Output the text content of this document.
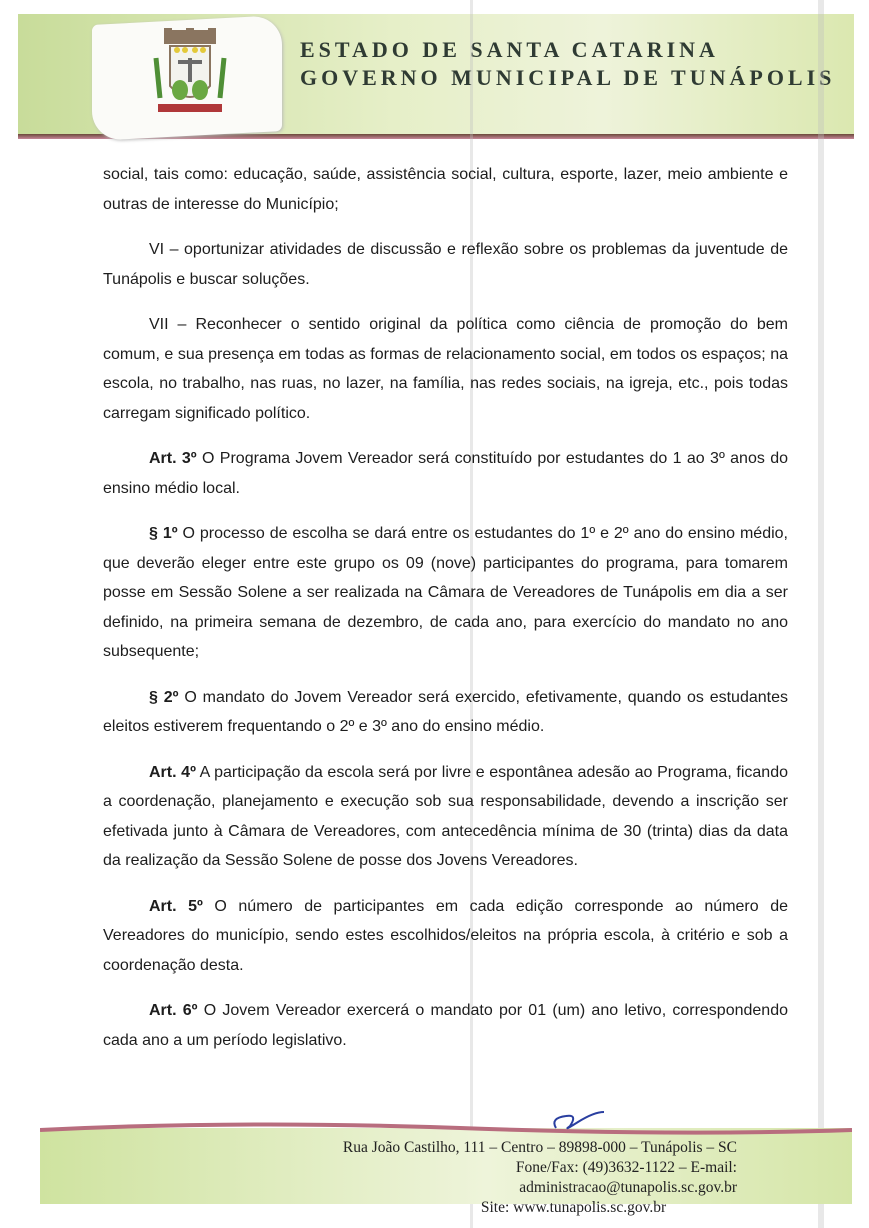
ESTADO DE SANTA CATARINA
GOVERNO MUNICIPAL DE TUNÁPOLIS

social, tais como: educação, saúde, assistência social, cultura, esporte, lazer, meio ambiente e outras de interesse do Município;

VI – oportunizar atividades de discussão e reflexão sobre os problemas da juventude de Tunápolis e buscar soluções.

VII – Reconhecer o sentido original da política como ciência de promoção do bem comum, e sua presença em todas as formas de relacionamento social, em todos os espaços; na escola, no trabalho, nas ruas, no lazer, na família, nas redes sociais, na igreja, etc., pois todas carregam significado político.

Art. 3º O Programa Jovem Vereador será constituído por estudantes do 1 ao 3º anos do ensino médio local.

§ 1º O processo de escolha se dará entre os estudantes do 1º e 2º ano do ensino médio, que deverão eleger entre este grupo os 09 (nove) participantes do programa, para tomarem posse em Sessão Solene a ser realizada na Câmara de Vereadores de Tunápolis em dia a ser definido, na primeira semana de dezembro, de cada ano, para exercício do mandato no ano subsequente;

§ 2º O mandato do Jovem Vereador será exercido, efetivamente, quando os estudantes eleitos estiverem frequentando o 2º e 3º ano do ensino médio.

Art. 4º A participação da escola será por livre e espontânea adesão ao Programa, ficando a coordenação, planejamento e execução sob sua responsabilidade, devendo a inscrição ser efetivada junto à Câmara de Vereadores, com antecedência mínima de 30 (trinta) dias da data da realização da Sessão Solene de posse dos Jovens Vereadores.

Art. 5º O número de participantes em cada edição corresponde ao número de Vereadores do município, sendo estes escolhidos/eleitos na própria escola, à critério e sob a coordenação desta.

Art. 6º O Jovem Vereador exercerá o mandato por 01 (um) ano letivo, correspondendo cada ano a um período legislativo.

Rua João Castilho, 111 – Centro – 89898-000 – Tunápolis – SC
Fone/Fax: (49)3632-1122 – E-mail: administracao@tunapolis.sc.gov.br
Site: www.tunapolis.sc.gov.br
